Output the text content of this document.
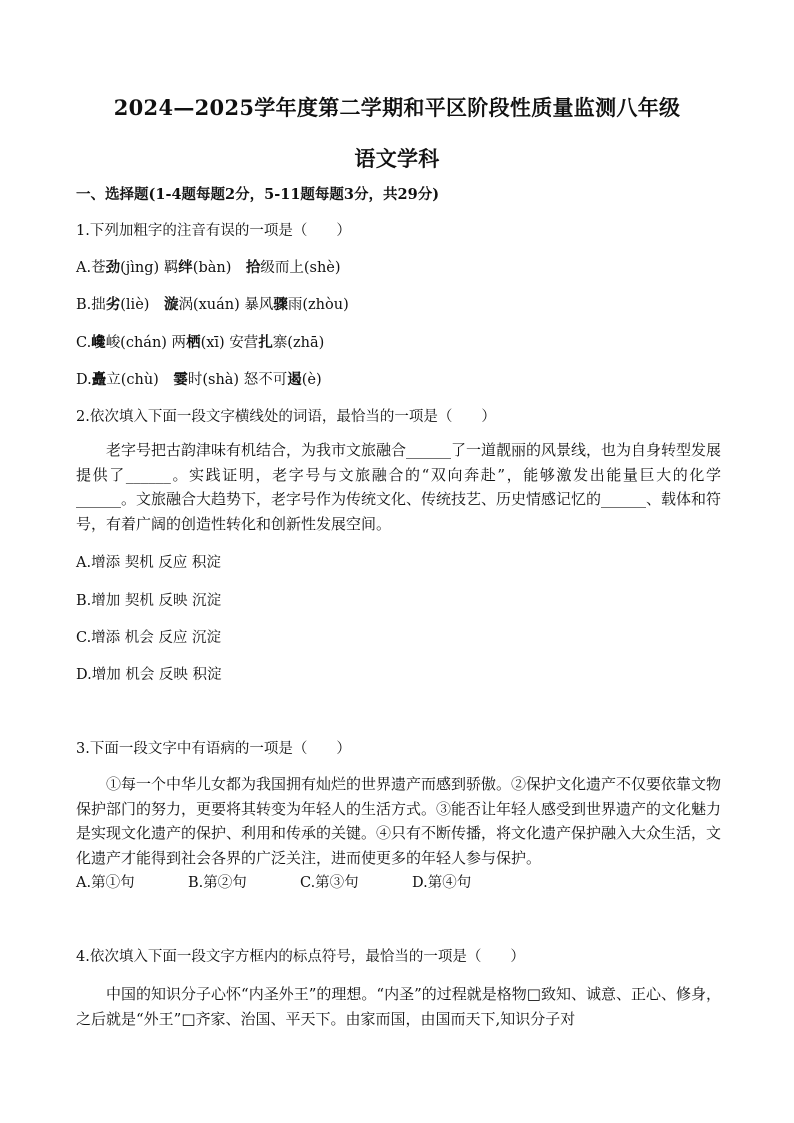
2024—2025学年度第二学期和平区阶段性质量监测八年级
语文学科
一、选择题(1-4题每题2分，5-11题每题3分，共29分)
1.下列加粗字的注音有误的一项是（　　）
A.苍劲(jìng) 羁绊(bàn)　拾级而上(shè)
B.拙劣(liè)　漩涡(xuán) 暴风骤雨(zhòu)
C.巉峻(chán) 两栖(xī) 安营扎寨(zhā)
D.矗立(chù)　霎时(shà) 怒不可遏(è)
2.依次填入下面一段文字横线处的词语，最恰当的一项是（　　）
老字号把古韵津味有机结合，为我市文旅融合______了一道靓丽的风景线，也为自身转型发展提供了______。实践证明，老字号与文旅融合的“双向奔赴”，能够激发出能量巨大的化学______。文旅融合大趋势下，老字号作为传统文化、传统技艺、历史情感记忆的______、载体和符号，有着广阔的创造性转化和创新性发展空间。
A.增添 契机 反应 积淀
B.增加 契机 反映 沉淀
C.增添 机会 反应 沉淀
D.增加 机会 反映 积淀
3.下面一段文字中有语病的一项是（　　）
①每一个中华儿女都为我国拥有灿烂的世界遗产而感到骄傲。②保护文化遗产不仅要依靠文物保护部门的努力，更要将其转变为年轻人的生活方式。③能否让年轻人感受到世界遗产的文化魅力是实现文化遗产的保护、利用和传承的关键。④只有不断传播，将文化遗产保护融入大众生活，文化遗产才能得到社会各界的广泛关注，进而使更多的年轻人参与保护。
A.第①句	B.第②句	C.第③句	D.第④句
4.依次填入下面一段文字方框内的标点符号，最恰当的一项是（　　）
中国的知识分子心怀“内圣外王”的理想。“内圣”的过程就是格物□致知、诚意、正心、修身，之后就是“外王”□齐家、治国、平天下。由家而国，由国而天下,知识分子对
